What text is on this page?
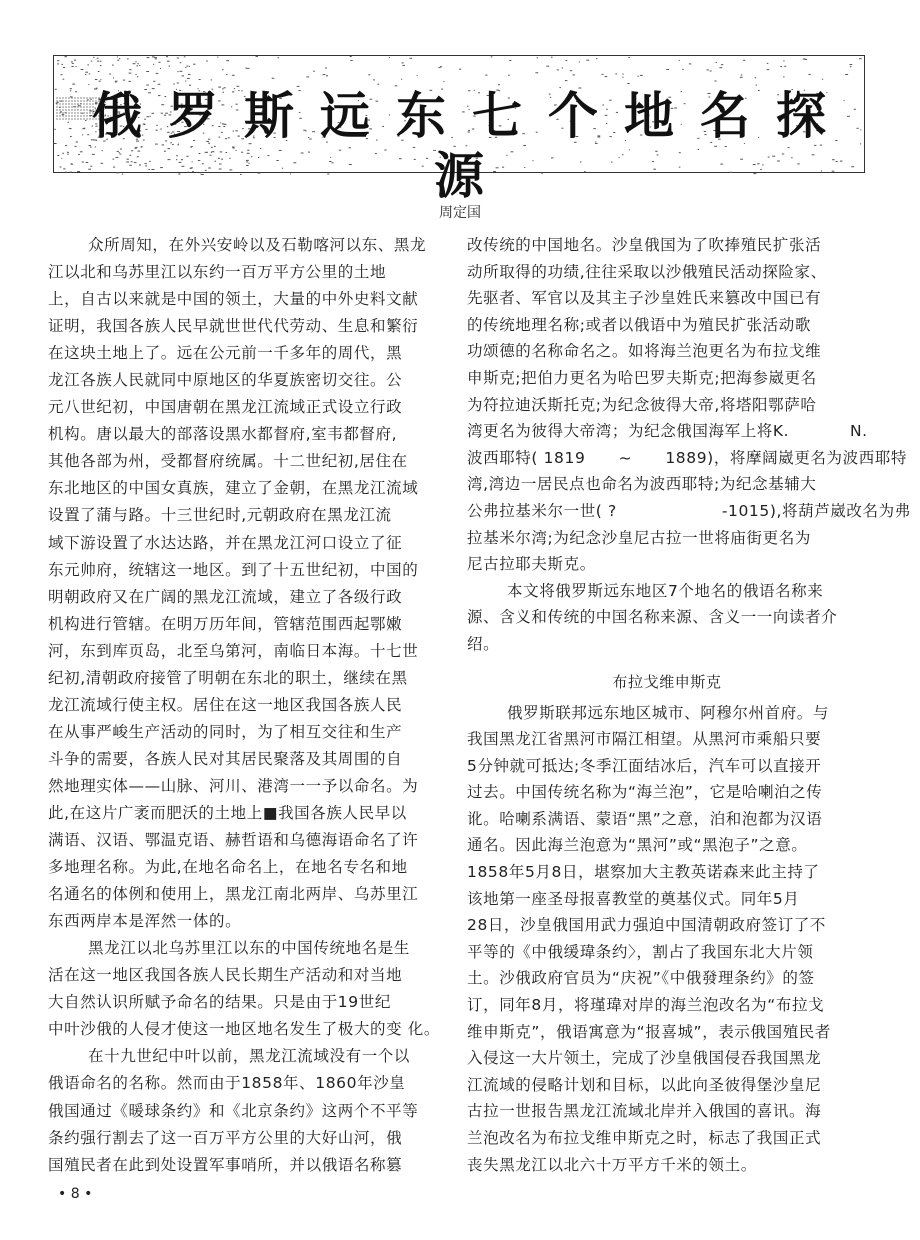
俄罗斯远东七个地名探源
周定国
众所周知，在外兴安岭以及石勒喀河以东、黑龙
江以北和乌苏里江以东约一百万平方公里的土地
上，自古以来就是中国的领土，大量的中外史料文献
证明，我国各族人民早就世世代代劳动、生息和繁衍
在这块土地上了。远在公元前一千多年的周代，黑
龙江各族人民就同中原地区的华夏族密切交往。公
元八世纪初，中国唐朝在黑龙江流域正式设立行政
机构。唐以最大的部落设黑水都督府,室韦都督府,
其他各部为州，受都督府统属。十二世纪初,居住在
东北地区的中国女真族，建立了金朝，在黑龙江流域
设置了蒲与路。十三世纪时,元朝政府在黑龙江流
域下游设置了水达达路，并在黑龙江河口设立了征
东元帅府，统辖这一地区。到了十五世纪初，中国的
明朝政府又在广阔的黑龙江流域，建立了各级行政
机构进行管辖。在明万历年间，管辖范围西起鄂嫩
河，东到库页岛，北至乌第河，南临日本海。十七世
纪初,清朝政府接管了明朝在东北的职土，继续在黑
龙江流域行使主权。居住在这一地区我国各族人民
在从事严峻生产活动的同时，为了相互交往和生产
斗争的需要，各族人民对其居民聚落及其周围的自
然地理实体——山脉、河川、港湾一一予以命名。为
此,在这片广袤而肥沃的土地上■我国各族人民早以
满语、汉语、鄂温克语、赫哲语和乌德海语命名了许
多地理名称。为此,在地名命名上，在地名专名和地
名通名的体例和使用上，黑龙江南北两岸、乌苏里江
东西两岸本是浑然一体的。
黑龙江以北乌苏里江以东的中国传统地名是生
活在这一地区我国各族人民长期生产活动和对当地
大自然认识所赋予命名的结果。只是由于19世纪
中叶沙俄的人侵才使这一地区地名发生了极大的变 化。
在十九世纪中叶以前，黑龙江流域没有一个以
俄语命名的名称。然而由于1858年、1860年沙皇
俄国通过《暖球条约》和《北京条约》这两个不平等
条约强行割去了这一百万平方公里的大好山河，俄
国殖民者在此到处设置军事哨所，并以俄语名称篡
改传统的中国地名。沙皇俄国为了吹捧殖民扩张活
动所取得的功绩,往往采取以沙俄殖民活动探险家、
先驱者、军官以及其主子沙皇姓氏来篡改中国已有
的传统地理名称;或者以俄语中为殖民扩张活动歌
功颂德的名称命名之。如将海兰泡更名为布拉戈维
申斯克;把伯力更名为哈巴罗夫斯克;把海参崴更名
为符拉迪沃斯托克;为纪念彼得大帝,将塔阳鄂萨哈
湾更名为彼得大帝湾；为纪念俄国海军上将K.           N.
波西耶特( 1819      ~      1889)，将摩阔崴更名为波西耶特
湾,湾边一居民点也命名为波西耶特;为纪念基辅大
公弗拉基米尔一世( ?                   -1015),将葫芦崴改名为弗
拉基米尔湾;为纪念沙皇尼古拉一世将庙街更名为
尼古拉耶夫斯克。
本文将俄罗斯远东地区7个地名的俄语名称来
源、含义和传统的中国名称来源、含义一一向读者介
绍。
布拉戈维申斯克
俄罗斯联邦远东地区城市、阿穆尔州首府。与
我国黑龙江省黑河市隔江相望。从黑河市乘船只要
5分钟就可抵达;冬季江面结冰后，汽车可以直接开
过去。中国传统名称为“海兰泡”，它是哈喇泊之传
讹。哈喇系满语、蒙语“黑”之意，泊和泡都为汉语
通名。因此海兰泡意为“黑河”或“黑泡子”之意。
1858年5月8日，堪察加大主教英诺森来此主持了
该地第一座圣母报喜教堂的奠基仪式。同年5月
28日，沙皇俄国用武力强迫中国清朝政府签订了不
平等的《中俄缓瑋条约〉，割占了我国东北大片领
土。沙俄政府官员为“庆祝”《中俄發理条约》的签
订，同年8月，将瑾瑋对岸的海兰泡改名为“布拉戈
维申斯克”，俄语寓意为“报喜城”，表示俄国殖民者
入侵这一大片领土，完成了沙皇俄国侵吞我国黑龙
江流域的侵略计划和目标，以此向圣彼得堡沙皇尼
古拉一世报告黑龙江流域北岸并入俄国的喜讯。海
兰泡改名为布拉戈维申斯克之时，标志了我国正式
丧失黑龙江以北六十万平方千米的领土。
• 8 •
